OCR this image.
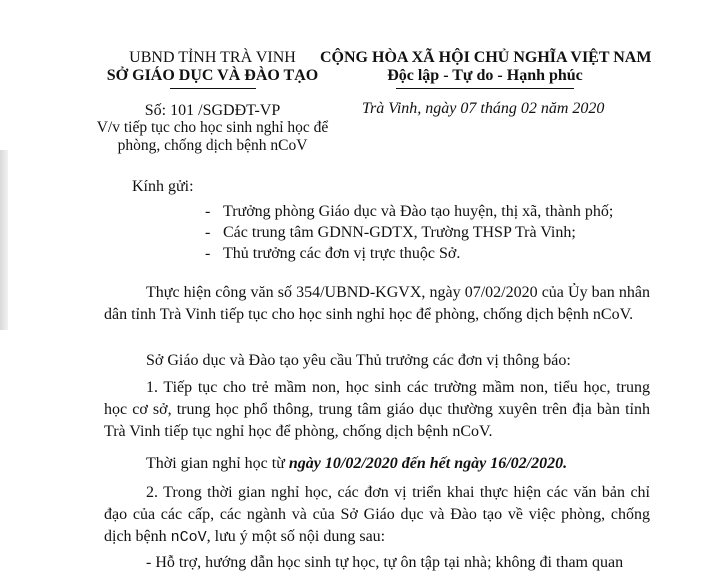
UBND TỈNH TRÀ VINH
SỞ GIÁO DỤC VÀ ĐÀO TẠO
CỘNG HÒA XÃ HỘI CHỦ NGHĨA VIỆT NAM
Độc lập - Tự do - Hạnh phúc
Số: 101 /SGDĐT-VP	Trà Vinh, ngày 07 tháng 02 năm 2020
V/v tiếp tục cho học sinh nghỉ học để
phòng, chống dịch bệnh nCoV
Kính gửi:
- Trưởng phòng Giáo dục và Đào tạo huyện, thị xã, thành phố;
- Các trung tâm GDNN-GDTX, Trường THSP Trà Vinh;
- Thủ trưởng các đơn vị trực thuộc Sở.
Thực hiện công văn số 354/UBND-KGVX, ngày 07/02/2020 của Ủy ban nhân dân tỉnh Trà Vinh tiếp tục cho học sinh nghỉ học để phòng, chống dịch bệnh nCoV.
Sở Giáo dục và Đào tạo yêu cầu Thủ trưởng các đơn vị thông báo:
1. Tiếp tục cho trẻ mầm non, học sinh các trường mầm non, tiểu học, trung học cơ sở, trung học phổ thông, trung tâm giáo dục thường xuyên trên địa bàn tỉnh Trà Vinh tiếp tục nghỉ học để phòng, chống dịch bệnh nCoV.
Thời gian nghỉ học từ ngày 10/02/2020 đến hết ngày 16/02/2020.
2. Trong thời gian nghỉ học, các đơn vị triển khai thực hiện các văn bản chỉ đạo của các cấp, các ngành và của Sở Giáo dục và Đào tạo về việc phòng, chống dịch bệnh nCoV, lưu ý một số nội dung sau:
- Hỗ trợ, hướng dẫn học sinh tự học, tự ôn tập tại nhà; không đi tham quan
